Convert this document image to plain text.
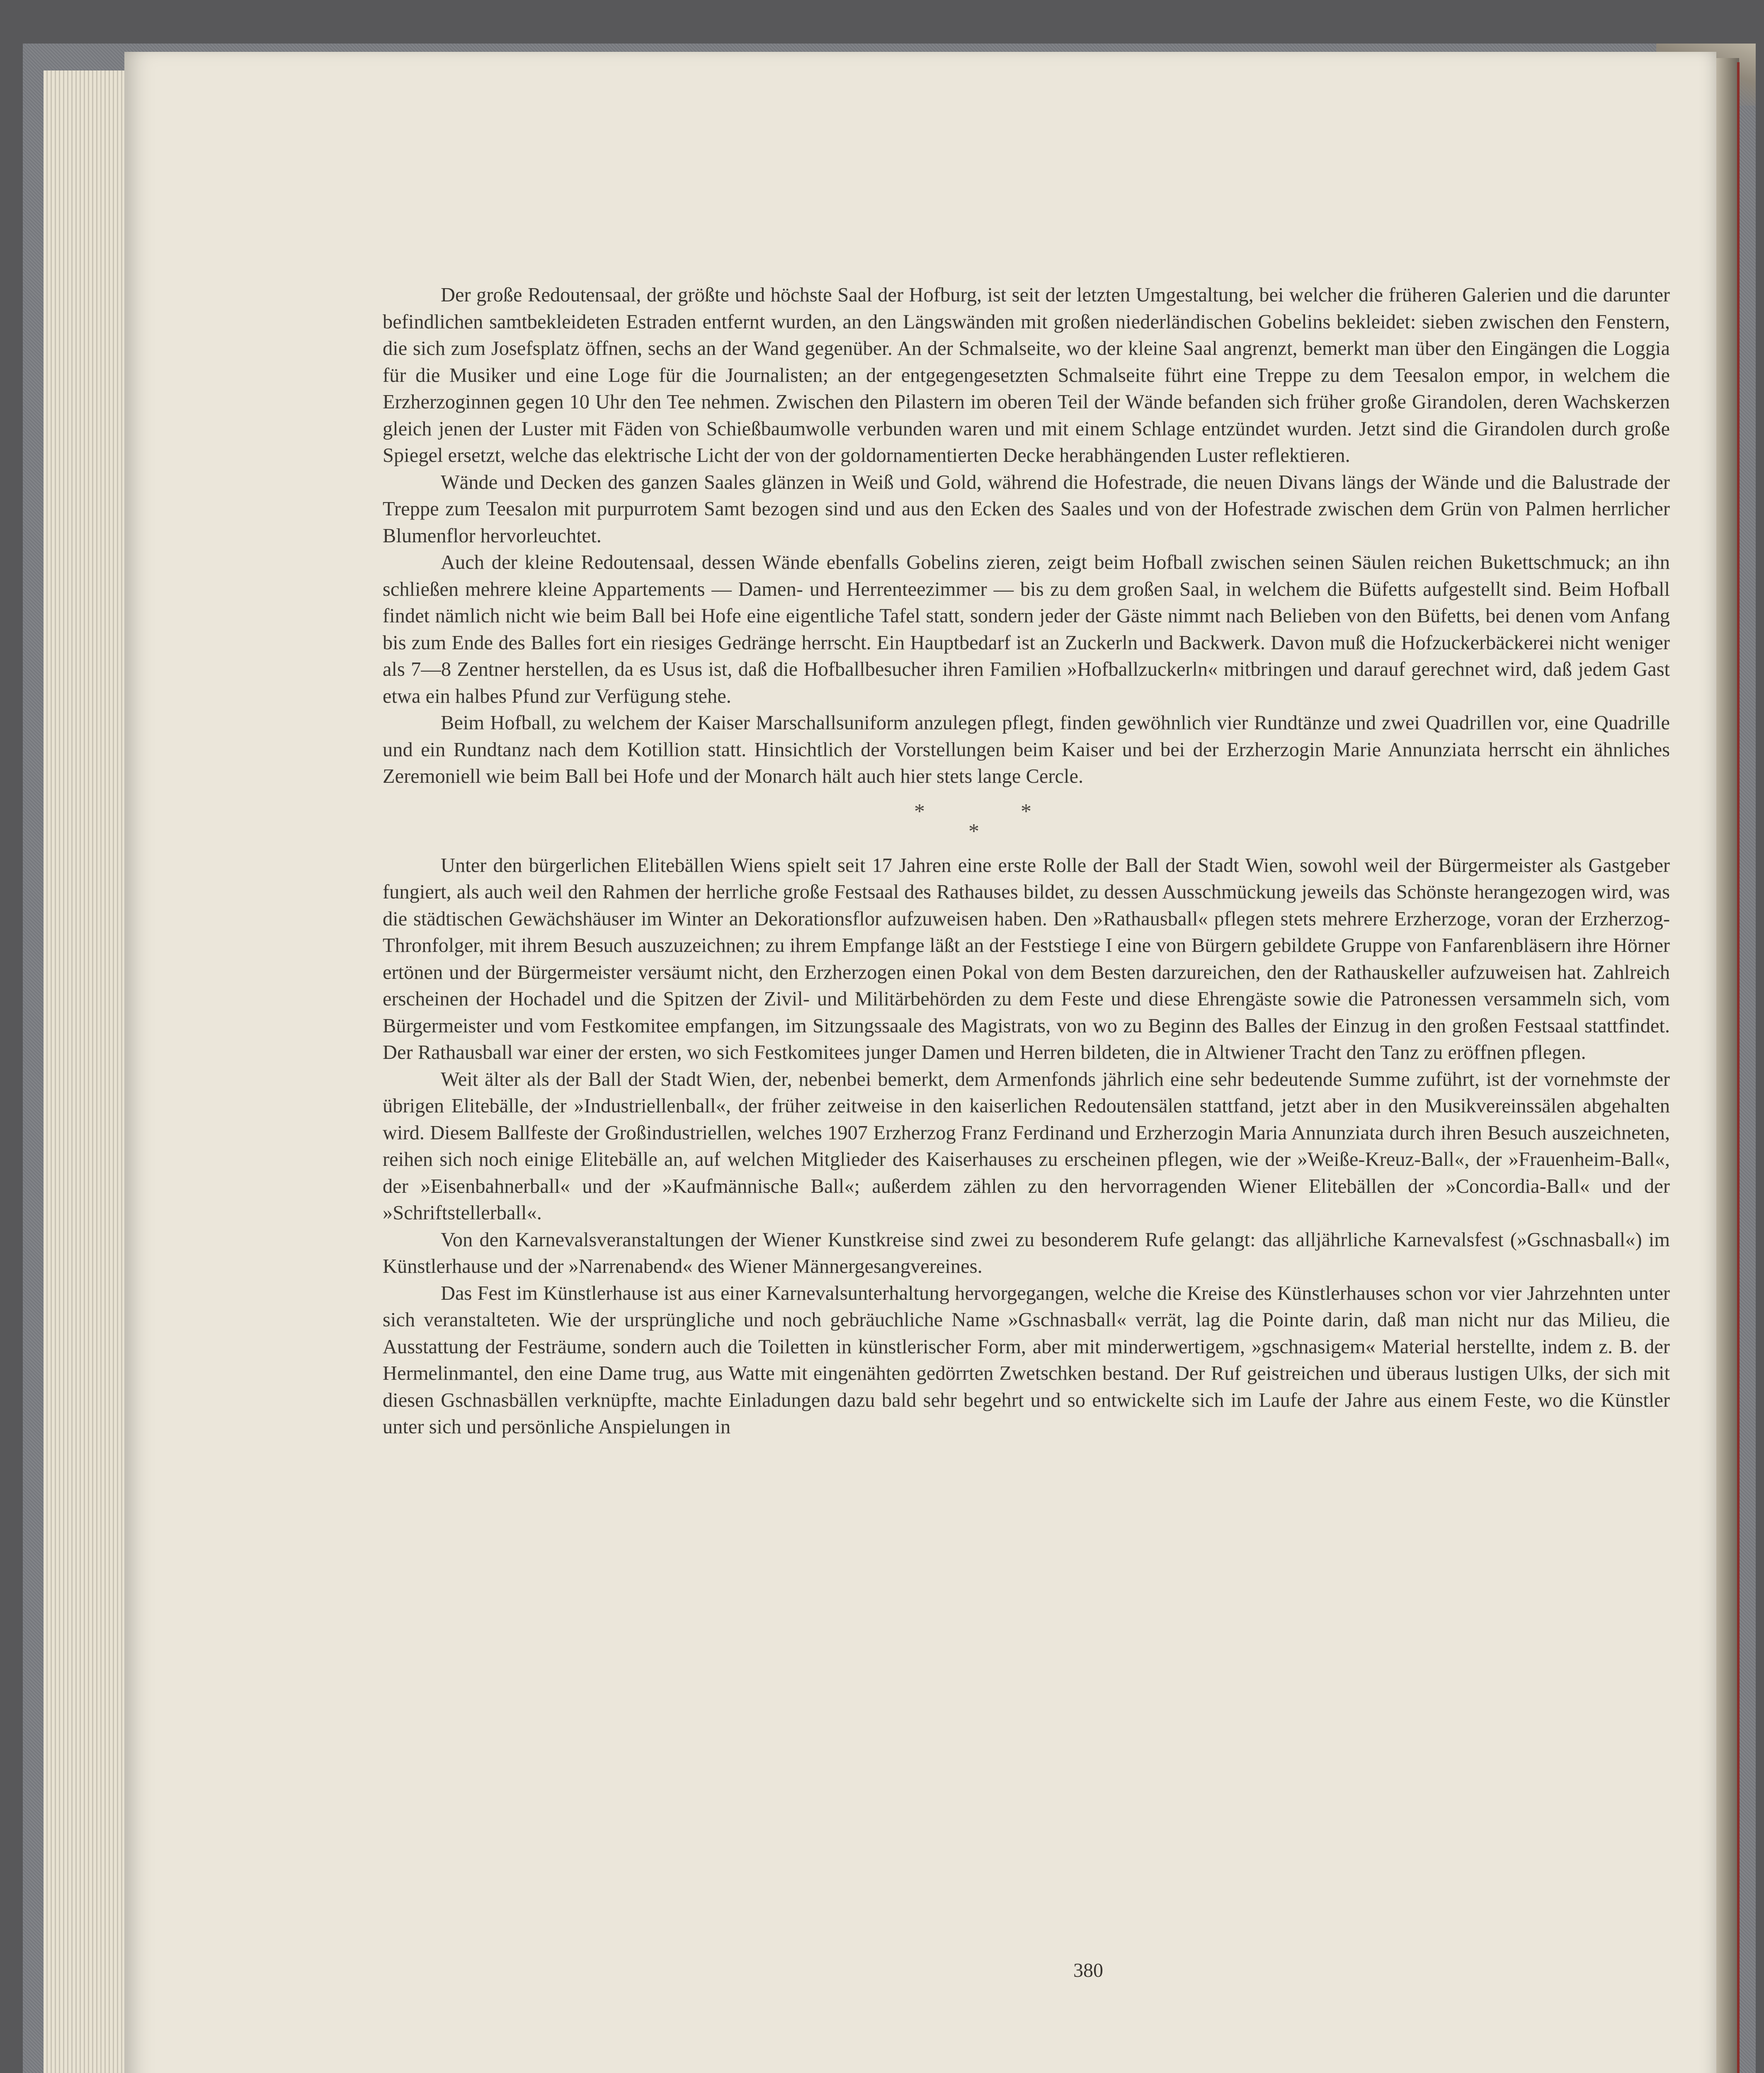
Der große Redoutensaal, der größte und höchste Saal der Hofburg, ist seit der letzten Umgestaltung, bei welcher die früheren Galerien und die darunter befindlichen samtbekleideten Estraden entfernt wurden, an den Längswänden mit großen niederländischen Gobelins bekleidet: sieben zwischen den Fenstern, die sich zum Josefsplatz öffnen, sechs an der Wand gegenüber. An der Schmalseite, wo der kleine Saal angrenzt, bemerkt man über den Eingängen die Loggia für die Musiker und eine Loge für die Journalisten; an der entgegengesetzten Schmalseite führt eine Treppe zu dem Teesalon empor, in welchem die Erzherzoginnen gegen 10 Uhr den Tee nehmen. Zwischen den Pilastern im oberen Teil der Wände befanden sich früher große Girandolen, deren Wachskerzen gleich jenen der Luster mit Fäden von Schießbaumwolle verbunden waren und mit einem Schlage entzündet wurden. Jetzt sind die Girandolen durch große Spiegel ersetzt, welche das elektrische Licht der von der goldornamentierten Decke herabhängenden Luster reflektieren.

Wände und Decken des ganzen Saales glänzen in Weiß und Gold, während die Hofestrade, die neuen Divans längs der Wände und die Balustrade der Treppe zum Teesalon mit purpurrotem Samt bezogen sind und aus den Ecken des Saales und von der Hofestrade zwischen dem Grün von Palmen herrlicher Blumenflor hervorleuchtet.

Auch der kleine Redoutensaal, dessen Wände ebenfalls Gobelins zieren, zeigt beim Hofball zwischen seinen Säulen reichen Bukettschmuck; an ihn schließen mehrere kleine Appartements — Damen- und Herrenteezimmer — bis zu dem großen Saal, in welchem die Büfetts aufgestellt sind. Beim Hofball findet nämlich nicht wie beim Ball bei Hofe eine eigentliche Tafel statt, sondern jeder der Gäste nimmt nach Belieben von den Büfetts, bei denen vom Anfang bis zum Ende des Balles fort ein riesiges Gedränge herrscht. Ein Hauptbedarf ist an Zuckerln und Backwerk. Davon muß die Hofzuckerbäckerei nicht weniger als 7—8 Zentner herstellen, da es Usus ist, daß die Hofballbesucher ihren Familien »Hofballzuckerln« mitbringen und darauf gerechnet wird, daß jedem Gast etwa ein halbes Pfund zur Verfügung stehe.

Beim Hofball, zu welchem der Kaiser Marschallsuniform anzulegen pflegt, finden gewöhnlich vier Rundtänze und zwei Quadrillen vor, eine Quadrille und ein Rundtanz nach dem Kotillion statt. Hinsichtlich der Vorstellungen beim Kaiser und bei der Erzherzogin Marie Annunziata herrscht ein ähnliches Zeremoniell wie beim Ball bei Hofe und der Monarch hält auch hier stets lange Cercle.

*
*
*

Unter den bürgerlichen Elitebällen Wiens spielt seit 17 Jahren eine erste Rolle der Ball der Stadt Wien, sowohl weil der Bürgermeister als Gastgeber fungiert, als auch weil den Rahmen der herrliche große Festsaal des Rathauses bildet, zu dessen Ausschmückung jeweils das Schönste herangezogen wird, was die städtischen Gewächshäuser im Winter an Dekorationsflor aufzuweisen haben. Den »Rathausball« pflegen stets mehrere Erzherzoge, voran der Erzherzog-Thronfolger, mit ihrem Besuch auszuzeichnen; zu ihrem Empfange läßt an der Feststiege I eine von Bürgern gebildete Gruppe von Fanfarenbläsern ihre Hörner ertönen und der Bürgermeister versäumt nicht, den Erzherzogen einen Pokal von dem Besten darzureichen, den der Rathauskeller aufzuweisen hat. Zahlreich erscheinen der Hochadel und die Spitzen der Zivil- und Militärbehörden zu dem Feste und diese Ehrengäste sowie die Patronessen versammeln sich, vom Bürgermeister und vom Festkomitee empfangen, im Sitzungssaale des Magistrats, von wo zu Beginn des Balles der Einzug in den großen Festsaal stattfindet. Der Rathausball war einer der ersten, wo sich Festkomitees junger Damen und Herren bildeten, die in Altwiener Tracht den Tanz zu eröffnen pflegen.

Weit älter als der Ball der Stadt Wien, der, nebenbei bemerkt, dem Armenfonds jährlich eine sehr bedeutende Summe zuführt, ist der vornehmste der übrigen Elitebälle, der »Industriellenball«, der früher zeitweise in den kaiserlichen Redoutensälen stattfand, jetzt aber in den Musikvereinssälen abgehalten wird. Diesem Ballfeste der Großindustriellen, welches 1907 Erzherzog Franz Ferdinand und Erzherzogin Maria Annunziata durch ihren Besuch auszeichneten, reihen sich noch einige Elitebälle an, auf welchen Mitglieder des Kaiserhauses zu erscheinen pflegen, wie der »Weiße-Kreuz-Ball«, der »Frauenheim-Ball«, der »Eisenbahnerball« und der »Kaufmännische Ball«; außerdem zählen zu den hervorragenden Wiener Elitebällen der »Concordia-Ball« und der »Schriftstellerball«.

Von den Karnevalsveranstaltungen der Wiener Kunstkreise sind zwei zu besonderem Rufe gelangt: das alljährliche Karnevalsfest (»Gschnasball«) im Künstlerhause und der »Narrenabend« des Wiener Männergesangvereines.

Das Fest im Künstlerhause ist aus einer Karnevalsunterhaltung hervorgegangen, welche die Kreise des Künstlerhauses schon vor vier Jahrzehnten unter sich veranstalteten. Wie der ursprüngliche und noch gebräuchliche Name »Gschnasball« verrät, lag die Pointe darin, daß man nicht nur das Milieu, die Ausstattung der Festräume, sondern auch die Toiletten in künstlerischer Form, aber mit minderwertigem, »gschnasigem« Material herstellte, indem z. B. der Hermelinmantel, den eine Dame trug, aus Watte mit eingenähten gedörrten Zwetschken bestand. Der Ruf geistreichen und überaus lustigen Ulks, der sich mit diesen Gschnasbällen verknüpfte, machte Einladungen dazu bald sehr begehrt und so entwickelte sich im Laufe der Jahre aus einem Feste, wo die Künstler unter sich und persönliche Anspielungen in

380
